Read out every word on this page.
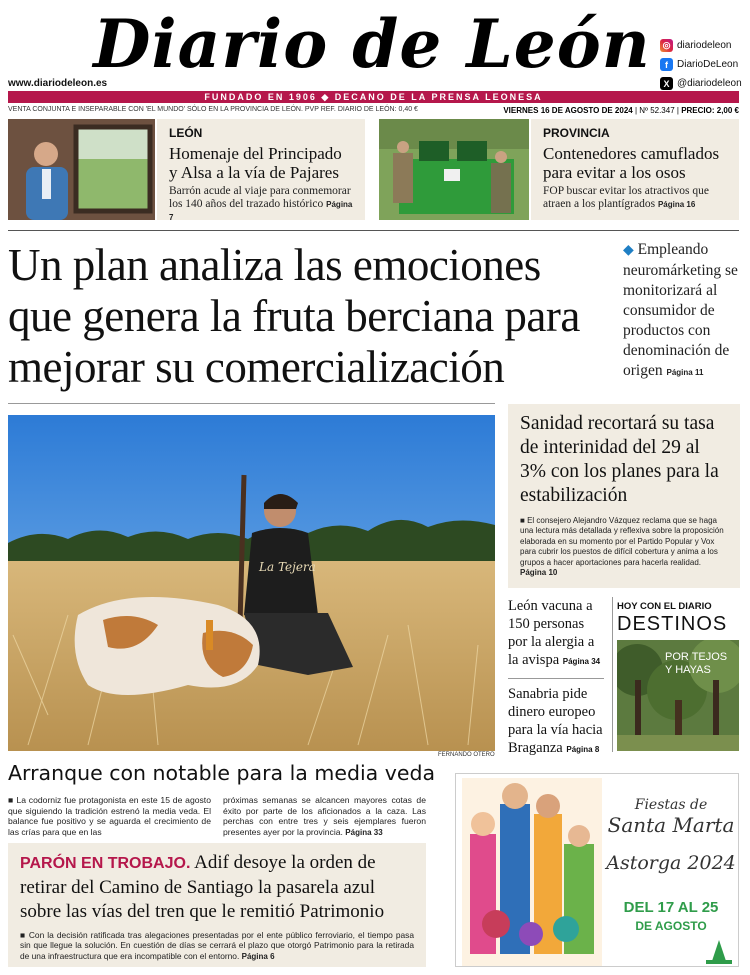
Diario de León ◎ diariodeleon
f DiarioDeLeon
X @diariodeleon
www.diariodeleon.es
FUNDADO EN 1906 ◆ DECANO DE LA PRENSA LEONESA
VENTA CONJUNTA E INSEPARABLE CON 'EL MUNDO' SÓLO EN LA PROVINCIA DE LEÓN. PVP REF. DIARIO DE LEÓN: 0,40 €	VIERNES 16 DE AGOSTO DE 2024 | Nº 52.347 | PRECIO: 2,00 €
LEÓN
Homenaje del Principado y Alsa a la vía de Pajares
Barrón acude al viaje para conmemorar los 140 años del trazado histórico Página 7
PROVINCIA
Contenedores camuflados para evitar a los osos
FOP buscar evitar los atractivos que atraen a los plantígrados Página 16
Un plan analiza las emociones que genera la fruta berciana para mejorar su comercialización
◆ Empleando neuromárketing se monitorizará al consumidor de productos con denominación de origen Página 11
La Tejera
FERNANDO OTERO
Sanidad recortará su tasa de interinidad del 29 al 3% con los planes para la estabilización
■ El consejero Alejandro Vázquez reclama que se haga una lectura más detallada y reflexiva sobre la proposición elaborada en su momento por el Partido Popular y Vox para cubrir los puestos de difícil cobertura y anima a los grupos a hacer aportaciones para hacerla realidad. Página 10
León vacuna a 150 personas por la alergia a la avispa Página 34
Sanabria pide dinero europeo para la vía hacia Braganza Página 8
HOY CON EL DIARIO
DESTINOS
POR TEJOS
Y HAYAS
Arranque con notable para la media veda
■ La codorniz fue protagonista en este 15 de agosto que siguiendo la tradición estrenó la media veda. El balance fue positivo y se aguarda el crecimiento de las crías para que en las
próximas semanas se alcancen mayores cotas de éxito por parte de los aficionados a la caza. Las perchas con entre tres y seis ejemplares fueron presentes ayer por la provincia. Página 33
PARÓN EN TROBAJO. Adif desoye la orden de retirar del Camino de Santiago la pasarela azul sobre las vías del tren que le remitió Patrimonio
■ Con la decisión ratificada tras alegaciones presentadas por el ente público ferroviario, el tiempo pasa sin que llegue la solución. En cuestión de días se cerrará el plazo que otorgó Patrimonio para la retirada de una infraestructura que era incompatible con el entorno. Página 6
Fiestas de
Santa Marta
Astorga 2024
DEL 17 AL 25
DE AGOSTO
